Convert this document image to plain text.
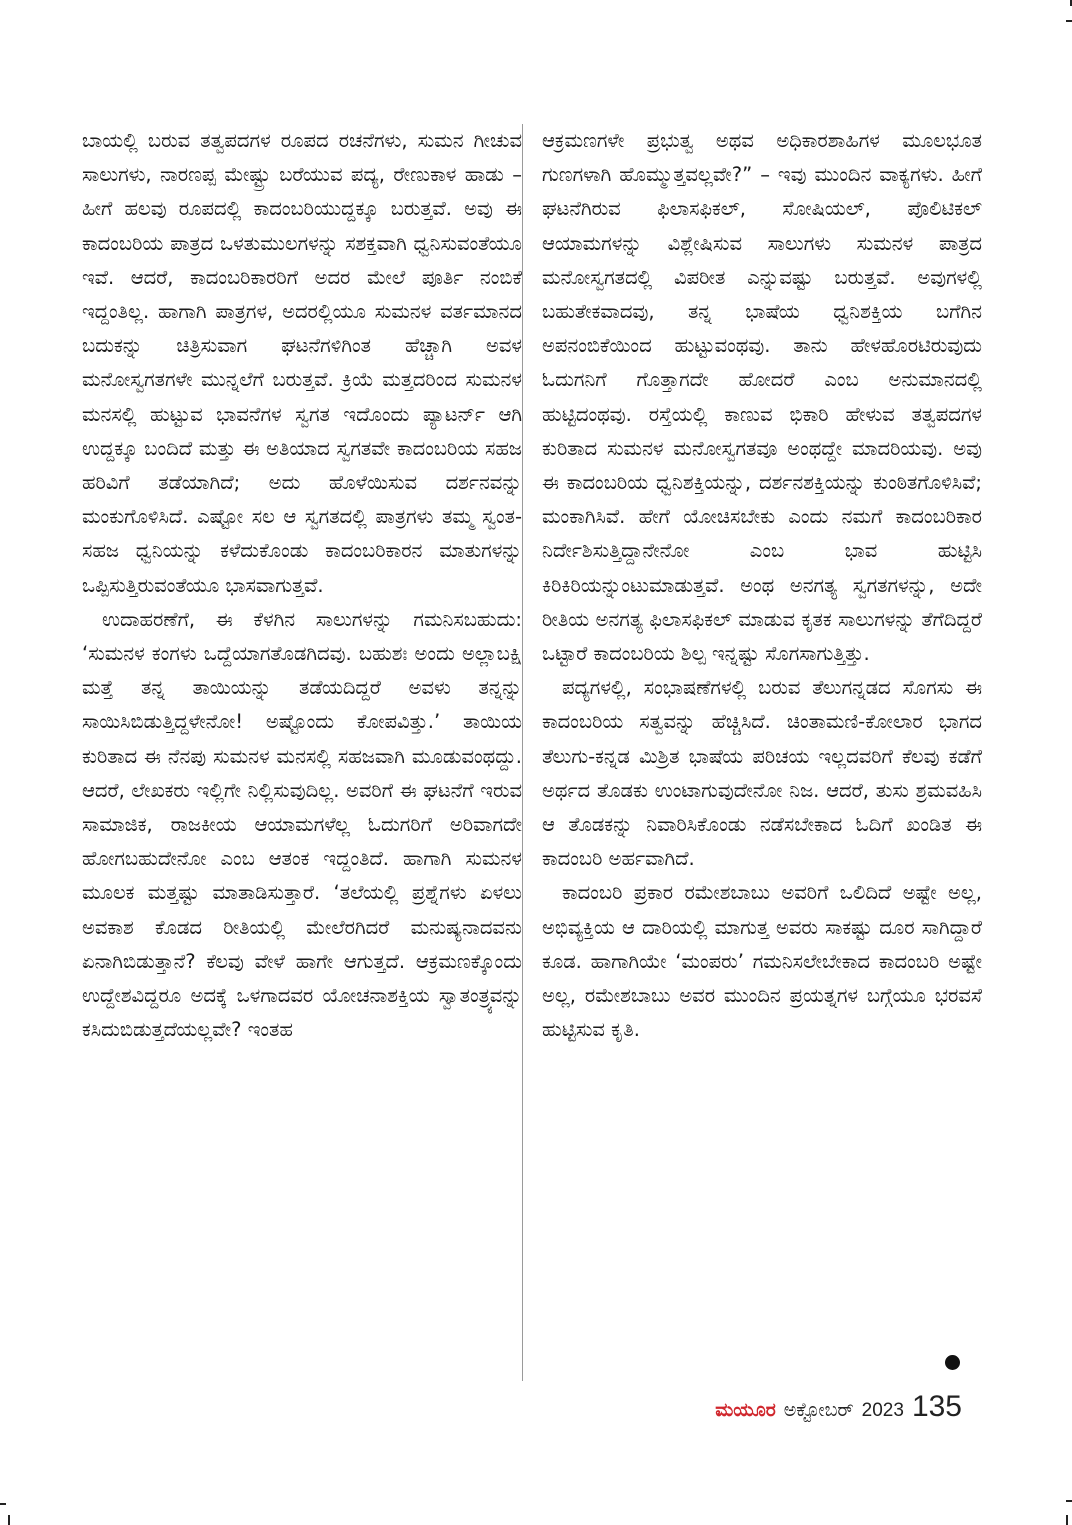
ಬಾಯಲ್ಲಿ ಬರುವ ತತ್ವಪದಗಳ ರೂಪದ ರಚನೆಗಳು, ಸುಮನ ಗೀಚುವ ಸಾಲುಗಳು, ನಾರಣಪ್ಪ ಮೇಷ್ಟ್ರು ಬರೆಯುವ ಪದ್ಯ, ರೇಣುಕಾಳ ಹಾಡು – ಹೀಗೆ ಹಲವು ರೂಪದಲ್ಲಿ ಕಾದಂಬರಿಯುದ್ದಕ್ಕೂ ಬರುತ್ತವೆ. ಅವು ಈ ಕಾದಂಬರಿಯ ಪಾತ್ರದ ಒಳತುಮುಲಗಳನ್ನು ಸಶಕ್ತವಾಗಿ ಧ್ವನಿಸುವಂತೆಯೂ ಇವೆ. ಆದರೆ, ಕಾದಂಬರಿಕಾರರಿಗೆ ಅದರ ಮೇಲೆ ಪೂರ್ತಿ ನಂಬಿಕೆ ಇದ್ದಂತಿಲ್ಲ. ಹಾಗಾಗಿ ಪಾತ್ರಗಳ, ಅದರಲ್ಲಿಯೂ ಸುಮನಳ ವರ್ತಮಾನದ ಬದುಕನ್ನು ಚಿತ್ರಿಸುವಾಗ ಘಟನೆಗಳಿಗಿಂತ ಹೆಚ್ಚಾಗಿ ಅವಳ ಮನೋಸ್ವಗತಗಳೇ ಮುನ್ನಲೆಗೆ ಬರುತ್ತವೆ. ಕ್ರಿಯೆ ಮತ್ತದರಿಂದ ಸುಮನಳ ಮನಸಲ್ಲಿ ಹುಟ್ಟುವ ಭಾವನೆಗಳ ಸ್ವಗತ ಇದೊಂದು ಪ್ಯಾಟರ್ನ್ ಆಗಿ ಉದ್ದಕ್ಕೂ ಬಂದಿದೆ ಮತ್ತು ಈ ಅತಿಯಾದ ಸ್ವಗತವೇ ಕಾದಂಬರಿಯ ಸಹಜ ಹರಿವಿಗೆ ತಡೆಯಾಗಿದೆ; ಅದು ಹೊಳೆಯಿಸುವ ದರ್ಶನವನ್ನು ಮಂಕುಗೊಳಿಸಿದೆ. ಎಷ್ಟೋ ಸಲ ಆ ಸ್ವಗತದಲ್ಲಿ ಪಾತ್ರಗಳು ತಮ್ಮ ಸ್ವಂತ-ಸಹಜ ಧ್ವನಿಯನ್ನು ಕಳೆದುಕೊಂಡು ಕಾದಂಬರಿಕಾರನ ಮಾತುಗಳನ್ನು ಒಪ್ಪಿಸುತ್ತಿರುವಂತೆಯೂ ಭಾಸವಾಗುತ್ತವೆ.

ಉದಾಹರಣೆಗೆ, ಈ ಕೆಳಗಿನ ಸಾಲುಗಳನ್ನು ಗಮನಿಸಬಹುದು: ‘ಸುಮನಳ ಕಂಗಳು ಒದ್ದೆಯಾಗತೊಡಗಿದವು. ಬಹುಶಃ ಅಂದು ಅಲ್ಲಾಬಕ್ಷಿ ಮತ್ತೆ ತನ್ನ ತಾಯಿಯನ್ನು ತಡೆಯದಿದ್ದರೆ ಅವಳು ತನ್ನನ್ನು ಸಾಯಿಸಿಬಿಡುತ್ತಿದ್ದಳೇನೋ! ಅಷ್ಟೊಂದು ಕೋಪವಿತ್ತು.’ ತಾಯಿಯ ಕುರಿತಾದ ಈ ನೆನಪು ಸುಮನಳ ಮನಸಲ್ಲಿ ಸಹಜವಾಗಿ ಮೂಡುವಂಥದ್ದು. ಆದರೆ, ಲೇಖಕರು ಇಲ್ಲಿಗೇ ನಿಲ್ಲಿಸುವುದಿಲ್ಲ. ಅವರಿಗೆ ಈ ಘಟನೆಗೆ ಇರುವ ಸಾಮಾಜಿಕ, ರಾಜಕೀಯ ಆಯಾಮಗಳೆಲ್ಲ ಓದುಗರಿಗೆ ಅರಿವಾಗದೇ ಹೋಗಬಹುದೇನೋ ಎಂಬ ಆತಂಕ ಇದ್ದಂತಿದೆ. ಹಾಗಾಗಿ ಸುಮನಳ ಮೂಲಕ ಮತ್ತಷ್ಟು ಮಾತಾಡಿಸುತ್ತಾರೆ. ‘ತಲೆಯಲ್ಲಿ ಪ್ರಶ್ನೆಗಳು ಏಳಲು ಅವಕಾಶ ಕೊಡದ ರೀತಿಯಲ್ಲಿ ಮೇಲೆರಗಿದರೆ ಮನುಷ್ಯನಾದವನು ಏನಾಗಿಬಿಡುತ್ತಾನೆ? ಕೆಲವು ವೇಳೆ ಹಾಗೇ ಆಗುತ್ತದೆ. ಆಕ್ರಮಣಕ್ಕೊಂದು ಉದ್ದೇಶವಿದ್ದರೂ ಅದಕ್ಕೆ ಒಳಗಾದವರ ಯೋಚನಾಶಕ್ತಿಯ ಸ್ವಾತಂತ್ರ್ಯವನ್ನು ಕಸಿದುಬಿಡುತ್ತದೆಯಲ್ಲವೇ? ಇಂತಹ

ಆಕ್ರಮಣಗಳೇ ಪ್ರಭುತ್ವ ಅಥವ ಅಧಿಕಾರಶಾಹಿಗಳ ಮೂಲಭೂತ ಗುಣಗಳಾಗಿ ಹೊಮ್ಮುತ್ತವಲ್ಲವೇ?” – ಇವು ಮುಂದಿನ ವಾಕ್ಯಗಳು. ಹೀಗೆ ಘಟನೆಗಿರುವ ಫಿಲಾಸಫಿಕಲ್, ಸೋಷಿಯಲ್, ಪೊಲಿಟಿಕಲ್ ಆಯಾಮಗಳನ್ನು ವಿಶ್ಲೇಷಿಸುವ ಸಾಲುಗಳು ಸುಮನಳ ಪಾತ್ರದ ಮನೋಸ್ವಗತದಲ್ಲಿ ವಿಪರೀತ ಎನ್ನುವಷ್ಟು ಬರುತ್ತವೆ. ಅವುಗಳಲ್ಲಿ ಬಹುತೇಕವಾದವು, ತನ್ನ ಭಾಷೆಯ ಧ್ವನಿಶಕ್ತಿಯ ಬಗೆಗಿನ ಅಪನಂಬಿಕೆಯಿಂದ ಹುಟ್ಟುವಂಥವು. ತಾನು ಹೇಳಹೊರಟಿರುವುದು ಓದುಗನಿಗೆ ಗೊತ್ತಾಗದೇ ಹೋದರೆ ಎಂಬ ಅನುಮಾನದಲ್ಲಿ ಹುಟ್ಟಿದಂಥವು. ರಸ್ತೆಯಲ್ಲಿ ಕಾಣುವ ಭಿಕಾರಿ ಹೇಳುವ ತತ್ವಪದಗಳ ಕುರಿತಾದ ಸುಮನಳ ಮನೋಸ್ವಗತವೂ ಅಂಥದ್ದೇ ಮಾದರಿಯವು. ಅವು ಈ ಕಾದಂಬರಿಯ ಧ್ವನಿಶಕ್ತಿಯನ್ನು, ದರ್ಶನಶಕ್ತಿಯನ್ನು ಕುಂಠಿತಗೊಳಿಸಿವೆ; ಮಂಕಾಗಿಸಿವೆ. ಹೇಗೆ ಯೋಚಿಸಬೇಕು ಎಂದು ನಮಗೆ ಕಾದಂಬರಿಕಾರ ನಿರ್ದೇಶಿಸುತ್ತಿದ್ದಾನೇನೋ ಎಂಬ ಭಾವ ಹುಟ್ಟಿಸಿ ಕಿರಿಕಿರಿಯನ್ನುಂಟುಮಾಡುತ್ತವೆ. ಅಂಥ ಅನಗತ್ಯ ಸ್ವಗತಗಳನ್ನು, ಅದೇ ರೀತಿಯ ಅನಗತ್ಯ ಫಿಲಾಸಫಿಕಲ್ ಮಾಡುವ ಕೃತಕ ಸಾಲುಗಳನ್ನು ತೆಗೆದಿದ್ದರೆ ಒಟ್ಟಾರೆ ಕಾದಂಬರಿಯ ಶಿಲ್ಪ ಇನ್ನಷ್ಟು ಸೊಗಸಾಗುತ್ತಿತ್ತು.

ಪದ್ಯಗಳಲ್ಲಿ, ಸಂಭಾಷಣೆಗಳಲ್ಲಿ ಬರುವ ತೆಲುಗನ್ನಡದ ಸೊಗಸು ಈ ಕಾದಂಬರಿಯ ಸತ್ವವನ್ನು ಹೆಚ್ಚಿಸಿದೆ. ಚಿಂತಾಮಣಿ-ಕೋಲಾರ ಭಾಗದ ತೆಲುಗು-ಕನ್ನಡ ಮಿಶ್ರಿತ ಭಾಷೆಯ ಪರಿಚಯ ಇಲ್ಲದವರಿಗೆ ಕೆಲವು ಕಡೆಗೆ ಅರ್ಥದ ತೊಡಕು ಉಂಟಾಗುವುದೇನೋ ನಿಜ. ಆದರೆ, ತುಸು ಶ್ರಮವಹಿಸಿ ಆ ತೊಡಕನ್ನು ನಿವಾರಿಸಿಕೊಂಡು ನಡೆಸಬೇಕಾದ ಓದಿಗೆ ಖಂಡಿತ ಈ ಕಾದಂಬರಿ ಅರ್ಹವಾಗಿದೆ.

ಕಾದಂಬರಿ ಪ್ರಕಾರ ರಮೇಶಬಾಬು ಅವರಿಗೆ ಒಲಿದಿದೆ ಅಷ್ಟೇ ಅಲ್ಲ, ಅಭಿವ್ಯಕ್ತಿಯ ಆ ದಾರಿಯಲ್ಲಿ ಮಾಗುತ್ತ ಅವರು ಸಾಕಷ್ಟು ದೂರ ಸಾಗಿದ್ದಾರೆ ಕೂಡ. ಹಾಗಾಗಿಯೇ ‘ಮಂಪರು’ ಗಮನಿಸಲೇಬೇಕಾದ ಕಾದಂಬರಿ ಅಷ್ಟೇ ಅಲ್ಲ, ರಮೇಶಬಾಬು ಅವರ ಮುಂದಿನ ಪ್ರಯತ್ನಗಳ ಬಗ್ಗೆಯೂ ಭರವಸೆ ಹುಟ್ಟಿಸುವ ಕೃತಿ.

ಮಯೂರ ಅಕ್ಟೋಬರ್ 2023 135
